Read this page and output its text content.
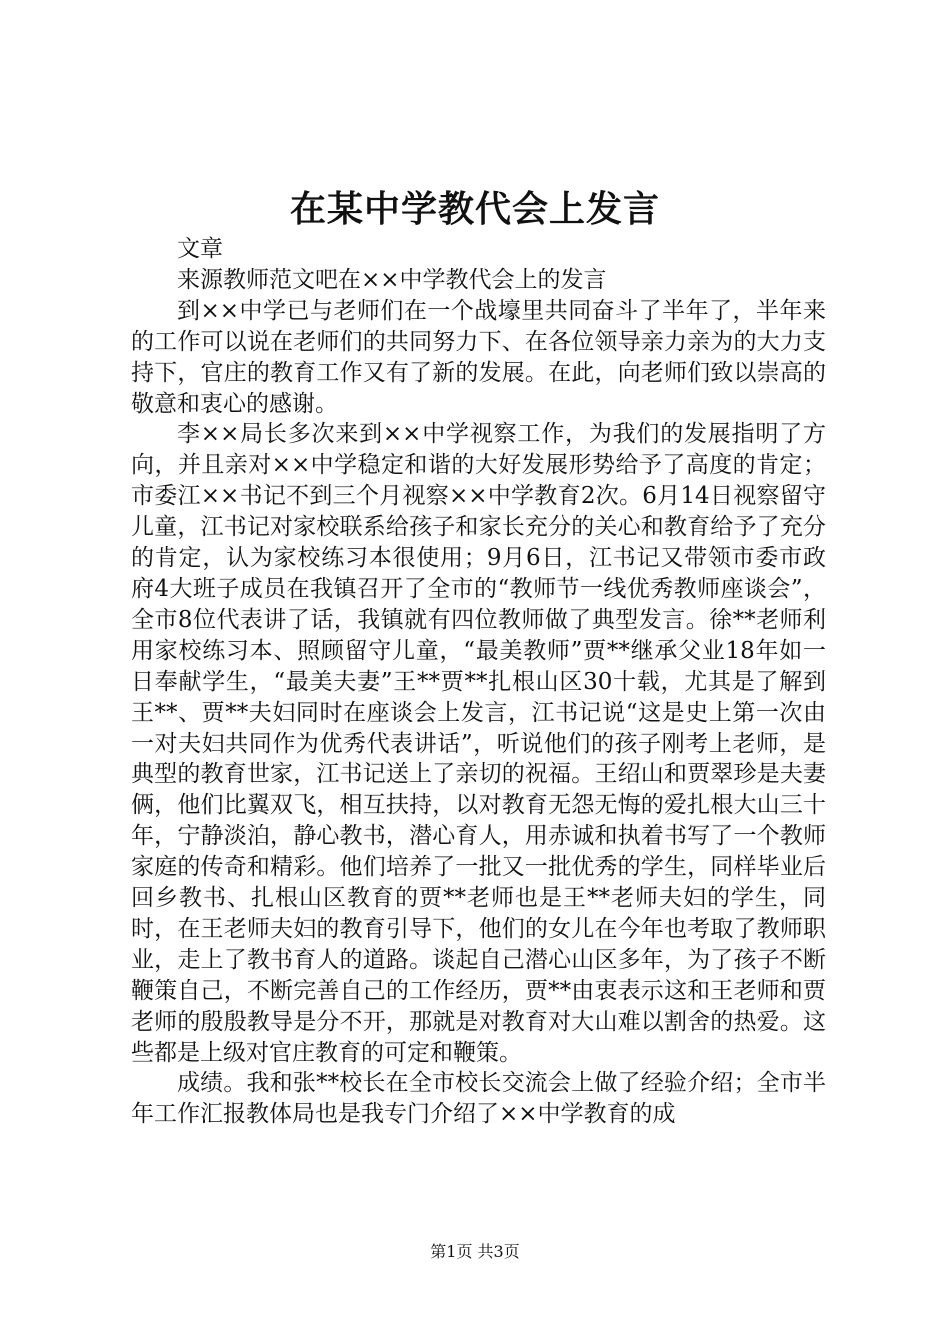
在某中学教代会上发言

文章

来源教师范文吧在××中学教代会上的发言

到××中学已与老师们在一个战壕里共同奋斗了半年了，半年来的工作可以说在老师们的共同努力下、在各位领导亲力亲为的大力支持下，官庄的教育工作又有了新的发展。在此，向老师们致以崇高的敬意和衷心的感谢。

李××局长多次来到××中学视察工作，为我们的发展指明了方向，并且亲对××中学稳定和谐的大好发展形势给予了高度的肯定；市委江××书记不到三个月视察××中学教育2次。6月14日视察留守儿童，江书记对家校联系给孩子和家长充分的关心和教育给予了充分的肯定，认为家校练习本很使用；9月6日，江书记又带领市委市政府4大班子成员在我镇召开了全市的“教师节一线优秀教师座谈会”，全市8位代表讲了话，我镇就有四位教师做了典型发言。徐**老师利用家校练习本、照顾留守儿童，“最美教师”贾**继承父业18年如一日奉献学生，“最美夫妻”王**贾**扎根山区30十载，尤其是了解到王**、贾**夫妇同时在座谈会上发言，江书记说“这是史上第一次由一对夫妇共同作为优秀代表讲话”，听说他们的孩子刚考上老师，是典型的教育世家，江书记送上了亲切的祝福。王绍山和贾翠珍是夫妻俩，他们比翼双飞，相互扶持，以对教育无怨无悔的爱扎根大山三十年，宁静淡泊，静心教书，潜心育人，用赤诚和执着书写了一个教师家庭的传奇和精彩。他们培养了一批又一批优秀的学生，同样毕业后回乡教书、扎根山区教育的贾**老师也是王**老师夫妇的学生，同时，在王老师夫妇的教育引导下，他们的女儿在今年也考取了教师职业，走上了教书育人的道路。谈起自己潜心山区多年，为了孩子不断鞭策自己，不断完善自己的工作经历，贾**由衷表示这和王老师和贾老师的殷殷教导是分不开，那就是对教育对大山难以割舍的热爱。这些都是上级对官庄教育的可定和鞭策。

成绩。我和张**校长在全市校长交流会上做了经验介绍；全市半年工作汇报教体局也是我专门介绍了××中学教育的成

第1页 共3页
